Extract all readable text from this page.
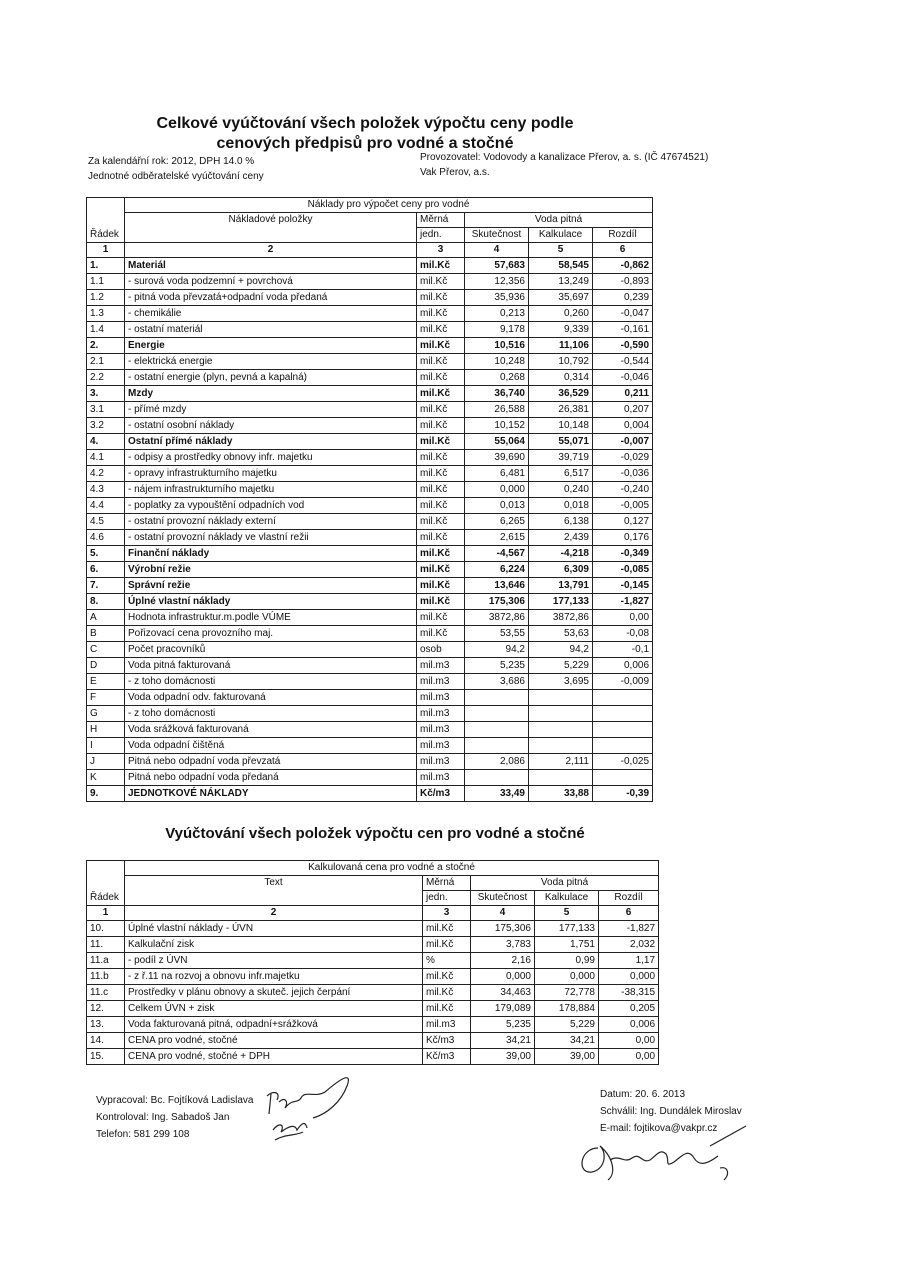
Celkové vyúčtování všech položek výpočtu ceny podle
cenových předpisů pro vodné a stočné
Za kalendářní rok: 2012, DPH 14.0 %
Jednotné odběratelské vyúčtování ceny
Provozovatel: Vodovody a kanalizace Přerov, a. s. (IČ 47674521)
Vak Přerov, a.s.
Řádek	Náklady pro výpočet ceny pro vodné				
	Nákladové položky	Měrná	Voda pitná		
		jedn.	Skutečnost	Kalkulace	Rozdíl
1	2	3	4	5	6
1.	Materiál	mil.Kč	57,683	58,545	-0,862
1.1	- surová voda podzemní + povrchová	mil.Kč	12,356	13,249	-0,893
1.2	- pitná voda převzatá+odpadní voda předaná	mil.Kč	35,936	35,697	0,239
1.3	- chemikálie	mil.Kč	0,213	0,260	-0,047
1.4	- ostatní materiál	mil.Kč	9,178	9,339	-0,161
2.	Energie	mil.Kč	10,516	11,106	-0,590
2.1	- elektrická energie	mil.Kč	10,248	10,792	-0,544
2.2	- ostatní energie (plyn, pevná a kapalná)	mil.Kč	0,268	0,314	-0,046
3.	Mzdy	mil.Kč	36,740	36,529	0,211
3.1	- přímé mzdy	mil.Kč	26,588	26,381	0,207
3.2	- ostatní osobní náklady	mil.Kč	10,152	10,148	0,004
4.	Ostatní přímé náklady	mil.Kč	55,064	55,071	-0,007
4.1	- odpisy a prostředky obnovy infr. majetku	mil.Kč	39,690	39,719	-0,029
4.2	- opravy infrastrukturního majetku	mil.Kč	6,481	6,517	-0,036
4.3	- nájem infrastrukturního majetku	mil.Kč	0,000	0,240	-0,240
4.4	- poplatky za vypouštění odpadních vod	mil.Kč	0,013	0,018	-0,005
4.5	- ostatní provozní náklady externí	mil.Kč	6,265	6,138	0,127
4.6	- ostatní provozní náklady ve vlastní režii	mil.Kč	2,615	2,439	0,176
5.	Finanční náklady	mil.Kč	-4,567	-4,218	-0,349
6.	Výrobní režie	mil.Kč	6,224	6,309	-0,085
7.	Správní režie	mil.Kč	13,646	13,791	-0,145
8.	Úplné vlastní náklady	mil.Kč	175,306	177,133	-1,827
A	Hodnota infrastruktur.m.podle VÚME	mil.Kč	3872,86	3872,86	0,00
B	Pořizovací cena provozního maj.	mil.Kč	53,55	53,63	-0,08
C	Počet pracovníků	osob	94,2	94,2	-0,1
D	Voda pitná fakturovaná	mil.m3	5,235	5,229	0,006
E	- z toho domácnosti	mil.m3	3,686	3,695	-0,009
F	Voda odpadní odv. fakturovaná	mil.m3			
G	- z toho domácnosti	mil.m3			
H	Voda srážková fakturovaná	mil.m3			
I	Voda odpadní čištěná	mil.m3			
J	Pitná nebo odpadní voda převzatá	mil.m3	2,086	2,111	-0,025
K	Pitná nebo odpadní voda předaná	mil.m3			
9.	JEDNOTKOVÉ NÁKLADY	Kč/m3	33,49	33,88	-0,39
Vyúčtování všech položek výpočtu cen pro vodné a stočné
Řádek	Kalkulovaná cena pro vodné a stočné				
	Text	Měrná	Voda pitná		
		jedn.	Skutečnost	Kalkulace	Rozdíl
1	2	3	4	5	6
10.	Úplné vlastní náklady - ÚVN	mil.Kč	175,306	177,133	-1,827
11.	Kalkulační zisk	mil.Kč	3,783	1,751	2,032
11.a	- podíl z ÚVN	%	2,16	0,99	1,17
11.b	- z ř.11 na rozvoj a obnovu infr.majetku	mil.Kč	0,000	0,000	0,000
11.c	Prostředky v plánu obnovy a skuteč. jejich čerpání	mil.Kč	34,463	72,778	-38,315
12.	Celkem ÚVN + zisk	mil.Kč	179,089	178,884	0,205
13.	Voda fakturovaná pitná, odpadní+srážková	mil.m3	5,235	5,229	0,006
14.	CENA pro vodné, stočné	Kč/m3	34,21	34,21	0,00
15.	CENA pro vodné, stočné + DPH	Kč/m3	39,00	39,00	0,00
Vypracoval: Bc. Fojtíková Ladislava
Kontroloval: Ing. Sabadoš Jan
Telefon: 581 299 108
Datum: 20. 6. 2013
Schválil: Ing. Dundálek Miroslav
E-mail: fojtikova@vakpr.cz
